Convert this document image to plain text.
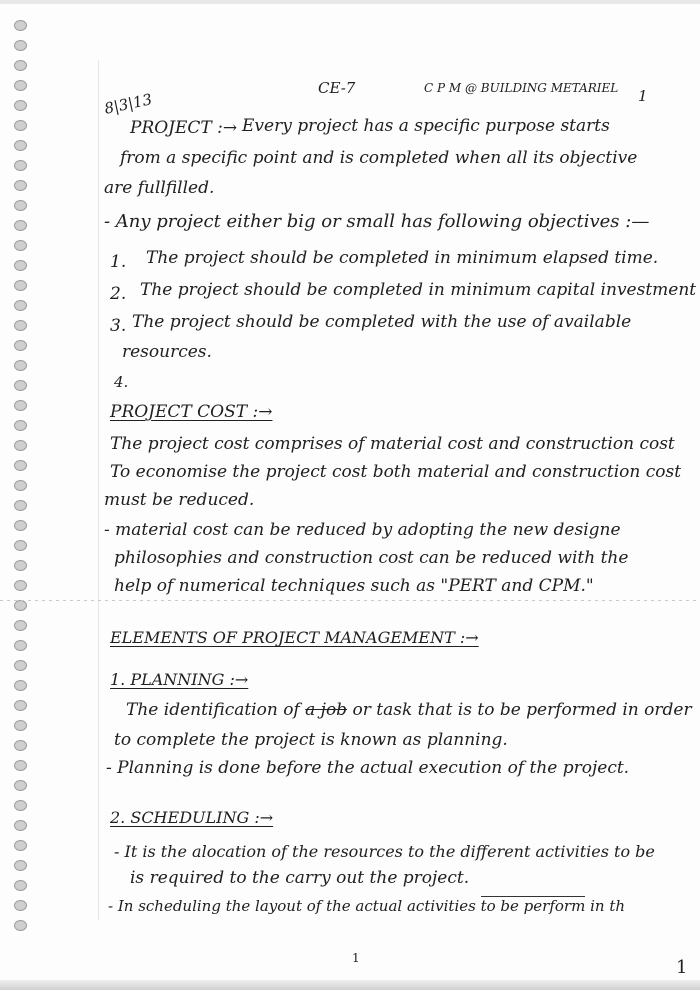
8|3|13
CE-7	C P M @ BUILDING METARIEL 1
PROJECT :→ Every project has a specific purpose starts
from a specific point and is completed when all its objective
are fullfilled.
- Any project either big or small has following objectives :—
1. The project should be completed in minimum elapsed time.
2. The project should be completed in minimum capital investment
3. The project should be completed with the use of available
resources.
4.
PROJECT COST :→
The project cost comprises of material cost and construction cost
To economise the project cost both material and construction cost
must be reduced.
- material cost can be reduced by adopting the new designe
philosophies and construction cost can be reduced with the
help of numerical techniques such as "PERT and CPM."
ELEMENTS OF PROJECT MANAGEMENT :→
1. PLANNING :→
The identification of a job or task that is to be performed in order
to complete the project is known as planning.
- Planning is done before the actual execution of the project.
2. SCHEDULING :→
- It is the alocation of the resources to the different activities to be
is required to the carry out the project.
- In scheduling the layout of the actual activities to be perform in th
1	1
